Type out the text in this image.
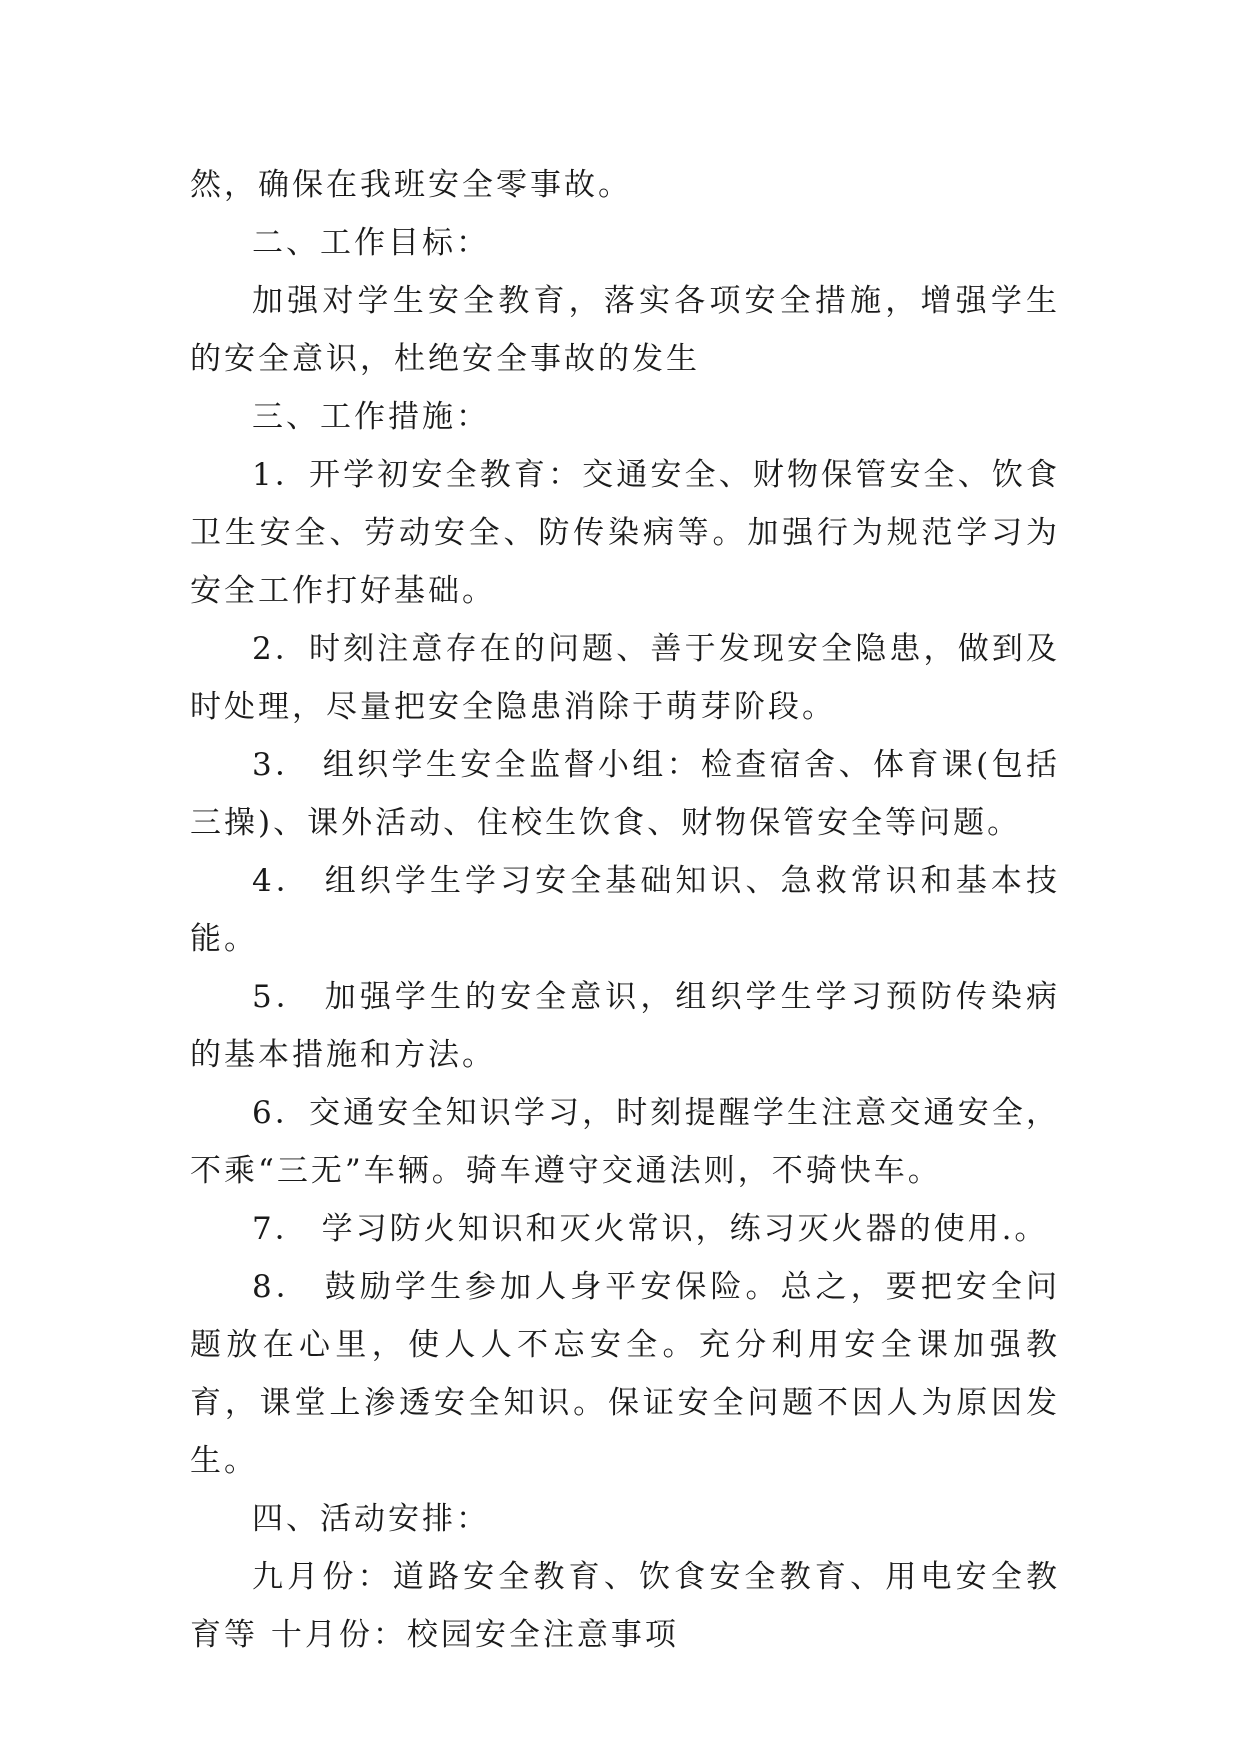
然，确保在我班安全零事故。

二、工作目标：

加强对学生安全教育，落实各项安全措施，增强学生的安全意识，杜绝安全事故的发生

三、工作措施：

1．开学初安全教育：交通安全、财物保管安全、饮食卫生安全、劳动安全、防传染病等。加强行为规范学习为安全工作打好基础。

2．时刻注意存在的问题、善于发现安全隐患，做到及时处理，尽量把安全隐患消除于萌芽阶段。

3． 组织学生安全监督小组：检查宿舍、体育课(包括三操)、课外活动、住校生饮食、财物保管安全等问题。

4． 组织学生学习安全基础知识、急救常识和基本技能。

5． 加强学生的安全意识，组织学生学习预防传染病的基本措施和方法。

6．交通安全知识学习，时刻提醒学生注意交通安全，不乘“三无”车辆。骑车遵守交通法则，不骑快车。

7． 学习防火知识和灭火常识，练习灭火器的使用.。

8． 鼓励学生参加人身平安保险。总之，要把安全问题放在心里，使人人不忘安全。充分利用安全课加强教育，课堂上渗透安全知识。保证安全问题不因人为原因发生。

四、活动安排：

九月份：道路安全教育、饮食安全教育、用电安全教育等 十月份：校园安全注意事项
